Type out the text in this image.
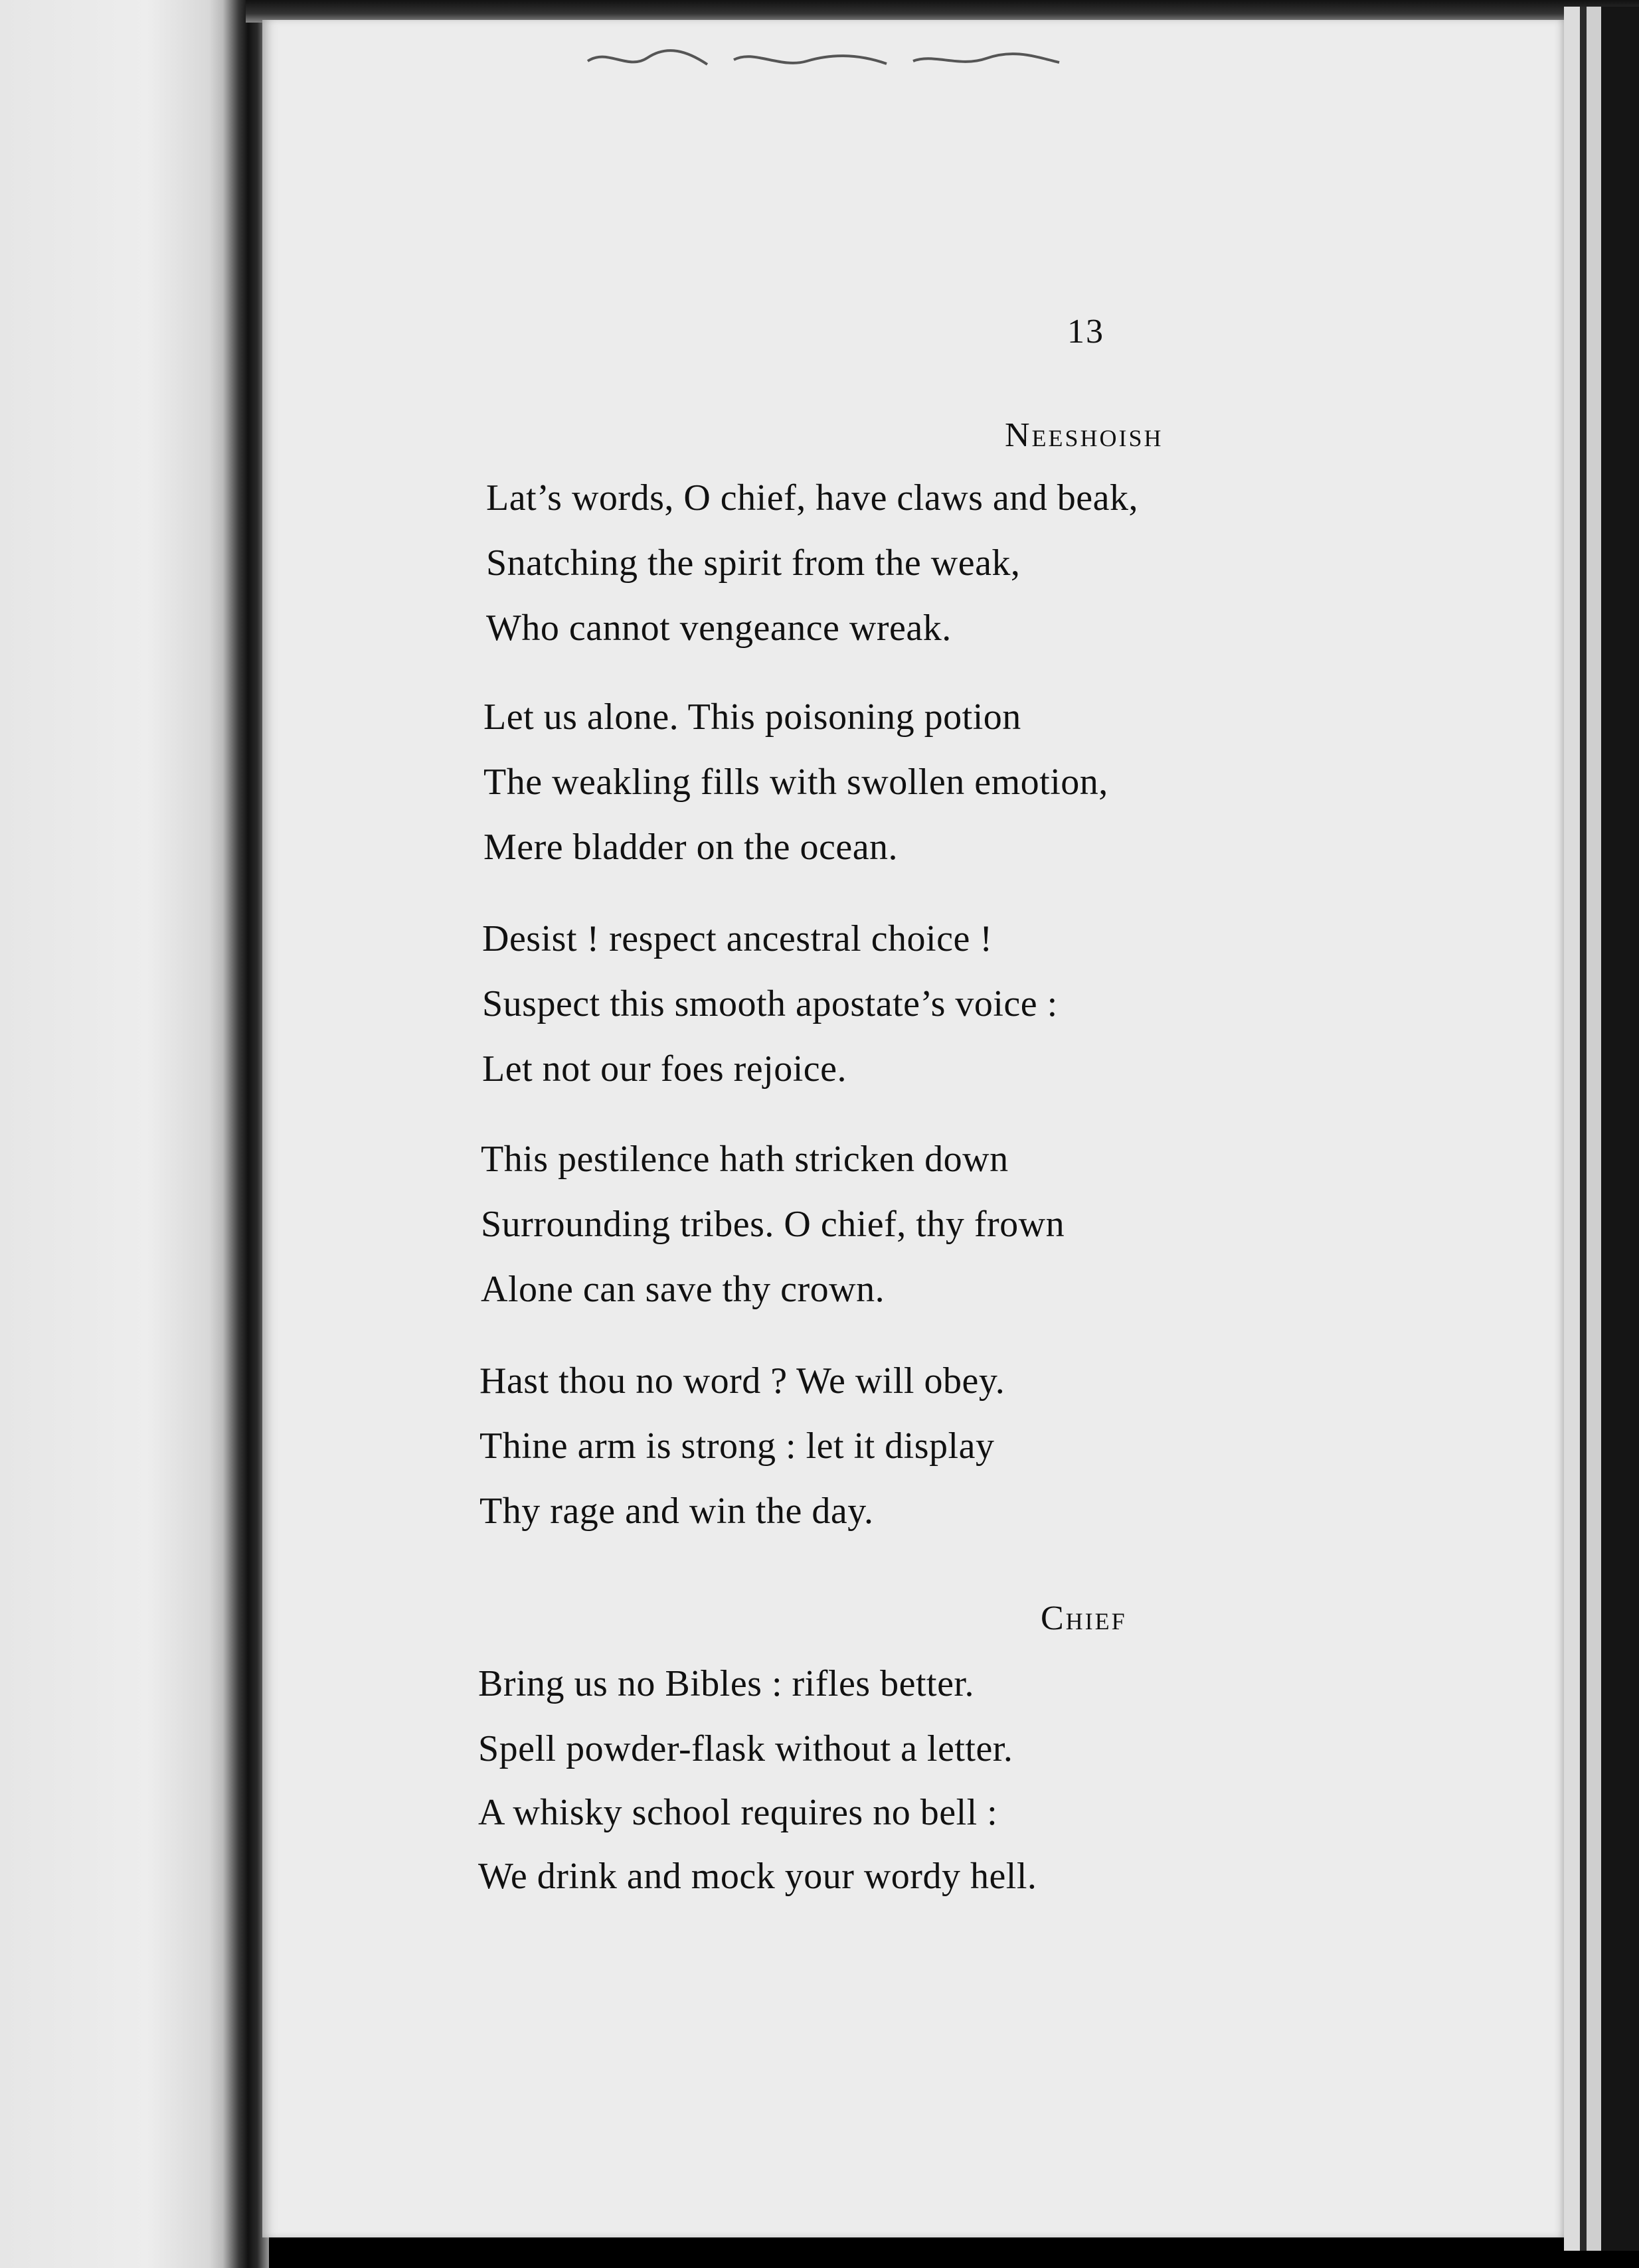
13
Neeshoish
Lat’s words, O chief, have claws and beak,
Snatching the spirit from the weak,
Who cannot vengeance wreak.
Let us alone. This poisoning potion
The weakling fills with swollen emotion,
Mere bladder on the ocean.
Desist ! respect ancestral choice !
Suspect this smooth apostate’s voice :
Let not our foes rejoice.
This pestilence hath stricken down
Surrounding tribes. O chief, thy frown
Alone can save thy crown.
Hast thou no word ? We will obey.
Thine arm is strong : let it display
Thy rage and win the day.
Chief
Bring us no Bibles : rifles better.
Spell powder-flask without a letter.
A whisky school requires no bell :
We drink and mock your wordy hell.
